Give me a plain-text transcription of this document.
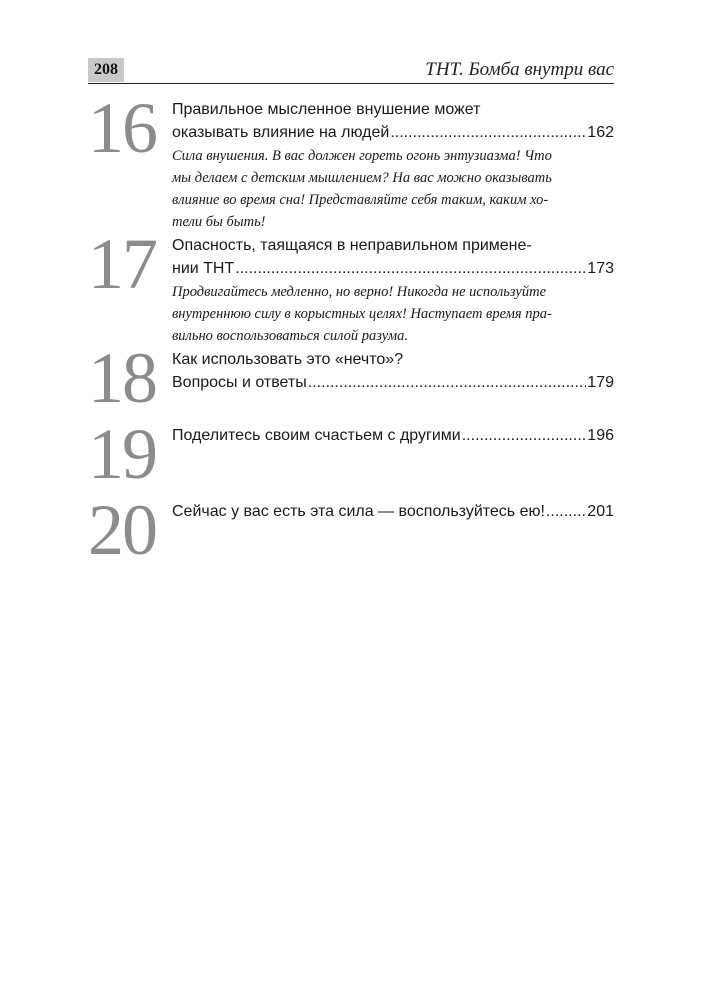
208	ТНТ. Бомба внутри вас
16 Правильное мысленное внушение может
оказывать влияние на людей .....	162
Сила внушения. В вас должен гореть огонь энтузиазма! Что
мы делаем с детским мышлением? На вас можно оказывать
влияние во время сна! Представляйте себя таким, каким хо-
тели бы быть!
17 Опасность, таящаяся в неправильном примене-
нии ТНТ .....	173
Продвигайтесь медленно, но верно! Никогда не используйте
внутреннюю силу в корыстных целях! Наступает время пра-
вильно воспользоваться силой разума.
18 Как использовать это «нечто»?
Вопросы и ответы .....	179
19 Поделитесь своим счастьем с другими .....	196
20 Сейчас у вас есть эта сила — воспользуйтесь ею! .....	201
